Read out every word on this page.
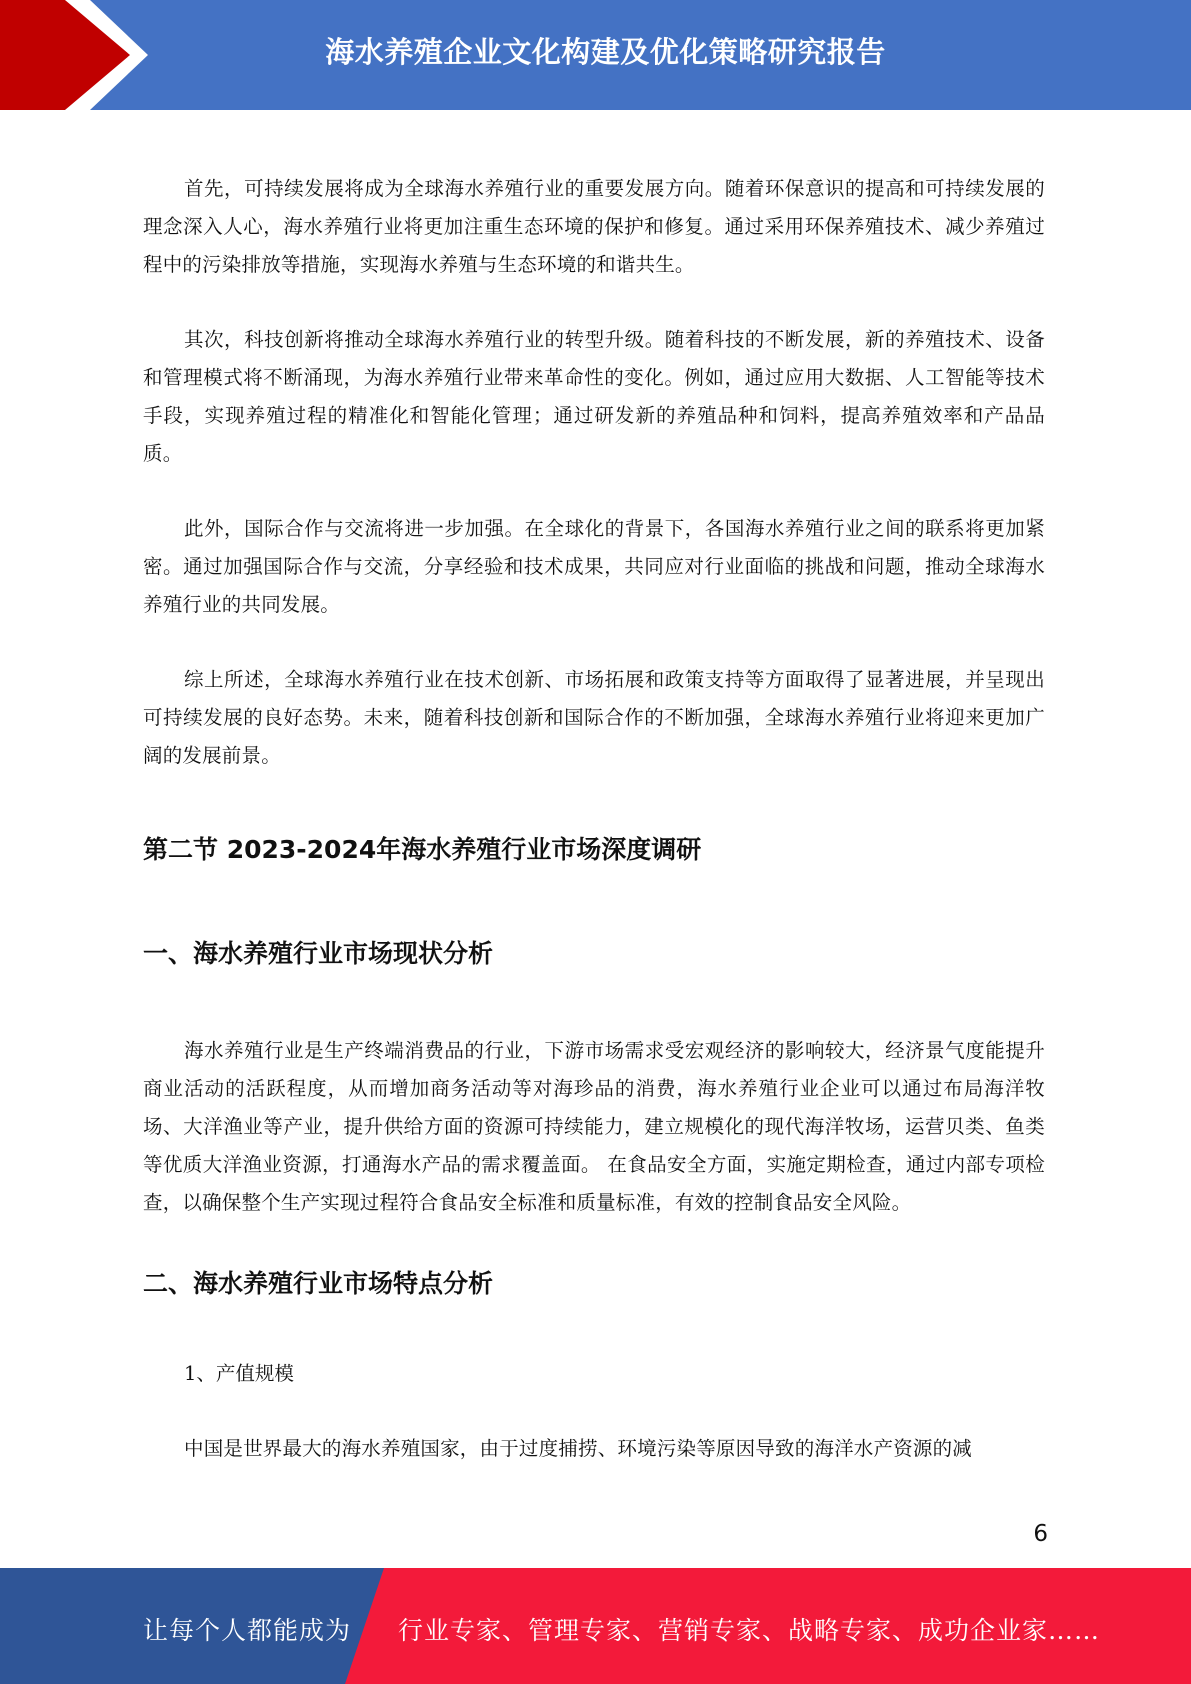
海水养殖企业文化构建及优化策略研究报告

首先，可持续发展将成为全球海水养殖行业的重要发展方向。随着环保意识的提高和可持续发展的理念深入人心，海水养殖行业将更加注重生态环境的保护和修复。通过采用环保养殖技术、减少养殖过程中的污染排放等措施，实现海水养殖与生态环境的和谐共生。

其次，科技创新将推动全球海水养殖行业的转型升级。随着科技的不断发展，新的养殖技术、设备和管理模式将不断涌现，为海水养殖行业带来革命性的变化。例如，通过应用大数据、人工智能等技术手段，实现养殖过程的精准化和智能化管理；通过研发新的养殖品种和饲料，提高养殖效率和产品品质。

此外，国际合作与交流将进一步加强。在全球化的背景下，各国海水养殖行业之间的联系将更加紧密。通过加强国际合作与交流，分享经验和技术成果，共同应对行业面临的挑战和问题，推动全球海水养殖行业的共同发展。

综上所述，全球海水养殖行业在技术创新、市场拓展和政策支持等方面取得了显著进展，并呈现出可持续发展的良好态势。未来，随着科技创新和国际合作的不断加强，全球海水养殖行业将迎来更加广阔的发展前景。

第二节 2023-2024年海水养殖行业市场深度调研
一、海水养殖行业市场现状分析

海水养殖行业是生产终端消费品的行业，下游市场需求受宏观经济的影响较大，经济景气度能提升商业活动的活跃程度，从而增加商务活动等对海珍品的消费，海水养殖行业企业可以通过布局海洋牧场、大洋渔业等产业，提升供给方面的资源可持续能力，建立规模化的现代海洋牧场，运营贝类、鱼类等优质大洋渔业资源，打通海水产品的需求覆盖面。 在食品安全方面，实施定期检查，通过内部专项检查，以确保整个生产实现过程符合食品安全标准和质量标准，有效的控制食品安全风险。

二、海水养殖行业市场特点分析

1、产值规模

中国是世界最大的海水养殖国家，由于过度捕捞、环境污染等原因导致的海洋水产资源的减

6
让每个人都能成为 行业专家、管理专家、营销专家、战略专家、成功企业家……
